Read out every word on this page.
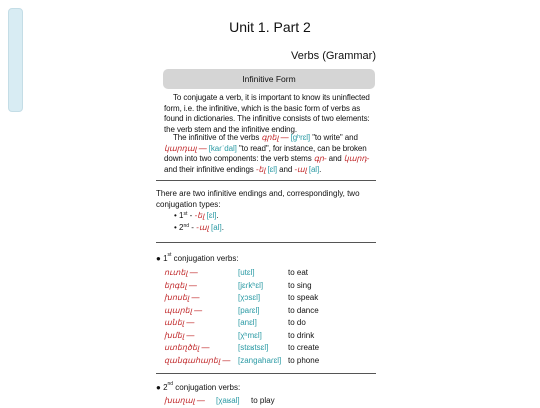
Unit 1. Part 2
Verbs (Grammar)
Infinitive Form
To conjugate a verb, it is important to know its uninflected form, i.e. the infinitive, which is the basic form of verbs as found in dictionaries. The infinitive consists of two elements: the verb stem and the infinitive ending.
The infinitive of the verbs գրել — [gʰrɛl] "to write" and կարդալ — [kaɾˈdal] "to read", for instance, can be broken down into two components: the verb stems գր- and կարդ- and their infinitive endings -ել [ɛl] and -ալ [al].
There are two infinitive endings and, correspondingly, two conjugation types:
• 1st - -ել [ɛl].
• 2nd - -ալ [al].
● 1st conjugation verbs:
ուտել —	[utɛl]	to eat
երգել —	[jɛɾkʰɛl]	to sing
խոսել —	[χɔsɛl]	to speak
պարել —	[paɾɛl]	to dance
անել —	[anɛl]	to do
խմել —	[χʰmɛl]	to drink
ստեղծել —	[stɛʁtsɛl] to create
զանգահարել — [zangahaɾɛl] to phone
● 2nd conjugation verbs:
խաղալ — [χaʁal] to play
